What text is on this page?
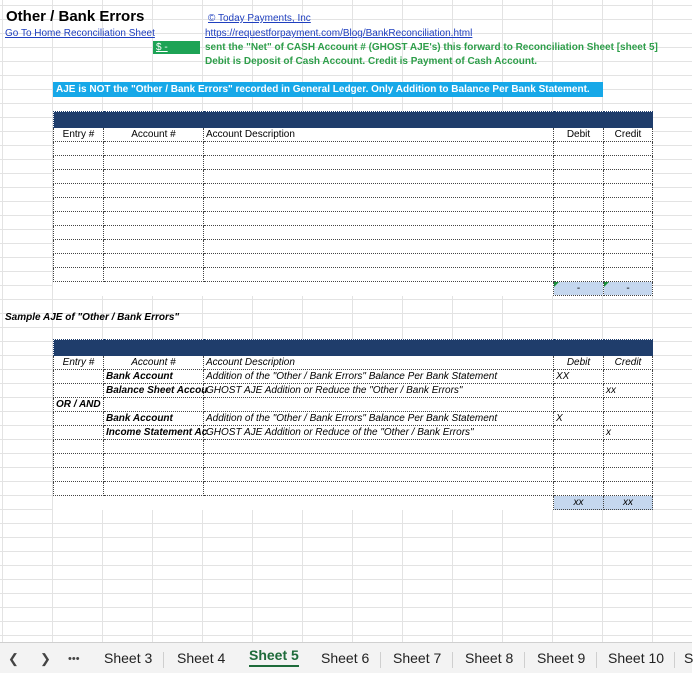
Other / Bank Errors	© Today Payments, Inc
Go To Home Reconciliation Sheet	https://requestforpayment.com/Blog/BankReconciliation.html
$ -	sent the "Net" of CASH Account # (GHOST AJE's) this forward to Reconciliation Sheet [sheet 5]
Debit is Deposit of Cash Account. Credit is Payment of Cash Account.
AJE is NOT the "Other / Bank Errors" recorded in General Ledger. Only Addition to Balance Per Bank Statement.

Entry #	Account #	Account Description	Debit	Credit

			-	-
Sample AJE of "Other / Bank Errors"

Entry #	Account #	Account Description	Debit	Credit
	Bank Account	Addition of the "Other / Bank Errors" Balance Per Bank Statement	XX	
	Balance Sheet Accou	GHOST AJE Addition or Reduce the "Other / Bank Errors"		xx
OR / AND				
	Bank Account	Addition of the "Other / Bank Errors" Balance Per Bank Statement	X	
	Income Statement Ac	GHOST AJE Addition or Reduce of the "Other / Bank Errors"		x

			xx	xx
❮ ❯ ••• Sheet 3 Sheet 4 Sheet 5 Sheet 6 Sheet 7 Sheet 8 Sheet 9 Sheet 10 S
